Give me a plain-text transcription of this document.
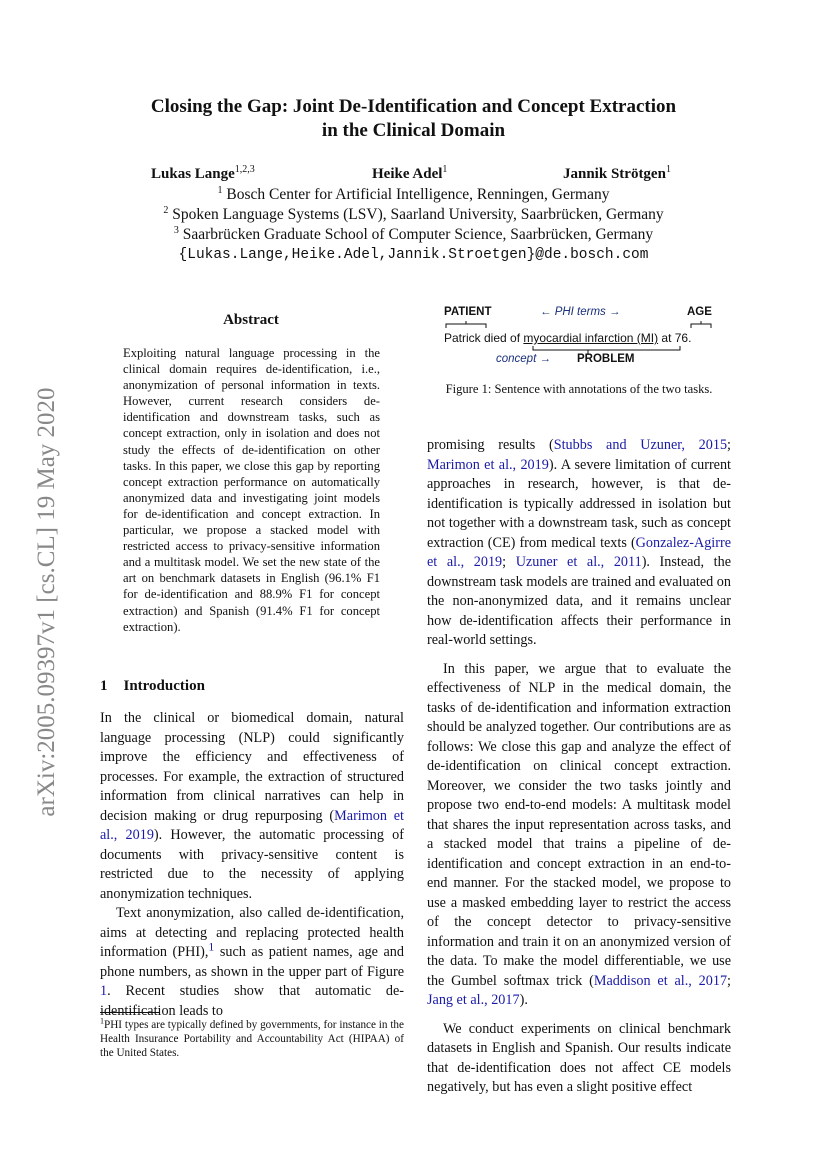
Closing the Gap: Joint De-Identification and Concept Extraction
in the Clinical Domain
Lukas Lange$^{1,2,3}$	Heike Adel$^1$	Jannik Strötgen$^1$
$^1$ Bosch Center for Artificial Intelligence, Renningen, Germany
$^2$ Spoken Language Systems (LSV), Saarland University, Saarbrücken, Germany
$^3$ Saarbrücken Graduate School of Computer Science, Saarbrücken, Germany
{Lukas.Lange,Heike.Adel,Jannik.Stroetgen}@de.bosch.com
arXiv:2005.09397v1 [cs.CL] 19 May 2020
Abstract
Exploiting natural language processing in the clinical domain requires de-identification, i.e., anonymization of personal information in texts. However, current research considers de-identification and downstream tasks, such as concept extraction, only in isolation and does not study the effects of de-identification on other tasks. In this paper, we close this gap by reporting concept extraction performance on automatically anonymized data and investigating joint models for de-identification and concept extraction. In particular, we propose a stacked model with restricted access to privacy-sensitive information and a multitask model. We set the new state of the art on benchmark datasets in English (96.1% F1 for de-identification and 88.9% F1 for concept extraction) and Spanish (91.4% F1 for concept extraction).
1 Introduction

In the clinical or biomedical domain, natural language processing (NLP) could significantly improve the efficiency and effectiveness of processes. For example, the extraction of structured information from clinical narratives can help in decision making or drug repurposing (Marimon et al., 2019). However, the automatic processing of documents with privacy-sensitive content is restricted due to the necessity of applying anonymization techniques.

Text anonymization, also called de-identification, aims at detecting and replacing protected health information (PHI),$^1$ such as patient names, age and phone numbers, as shown in the upper part of Figure 1. Recent studies show that automatic de-identification leads to

$^1$PHI types are typically defined by governments, for instance in the Health Insurance Portability and Accountability Act (HIPAA) of the United States.
PATIENT	← PHI terms →	AGE
Patrick died of myocardial infarction (MI) at 76.
concept → PROBLEM
Figure 1: Sentence with annotations of the two tasks.

promising results (Stubbs and Uzuner, 2015; Marimon et al., 2019). A severe limitation of current approaches in research, however, is that de-identification is typically addressed in isolation but not together with a downstream task, such as concept extraction (CE) from medical texts (Gonzalez-Agirre et al., 2019; Uzuner et al., 2011). Instead, the downstream task models are trained and evaluated on the non-anonymized data, and it remains unclear how de-identification affects their performance in real-world settings.

In this paper, we argue that to evaluate the effectiveness of NLP in the medical domain, the tasks of de-identification and information extraction should be analyzed together. Our contributions are as follows: We close this gap and analyze the effect of de-identification on clinical concept extraction. Moreover, we consider the two tasks jointly and propose two end-to-end models: A multitask model that shares the input representation across tasks, and a stacked model that trains a pipeline of de-identification and concept extraction in an end-to-end manner. For the stacked model, we propose to use a masked embedding layer to restrict the access of the concept detector to privacy-sensitive information and train it on an anonymized version of the data. To make the model differentiable, we use the Gumbel softmax trick (Maddison et al., 2017; Jang et al., 2017).

We conduct experiments on clinical benchmark datasets in English and Spanish. Our results indicate that de-identification does not affect CE models negatively, but has even a slight positive effect
